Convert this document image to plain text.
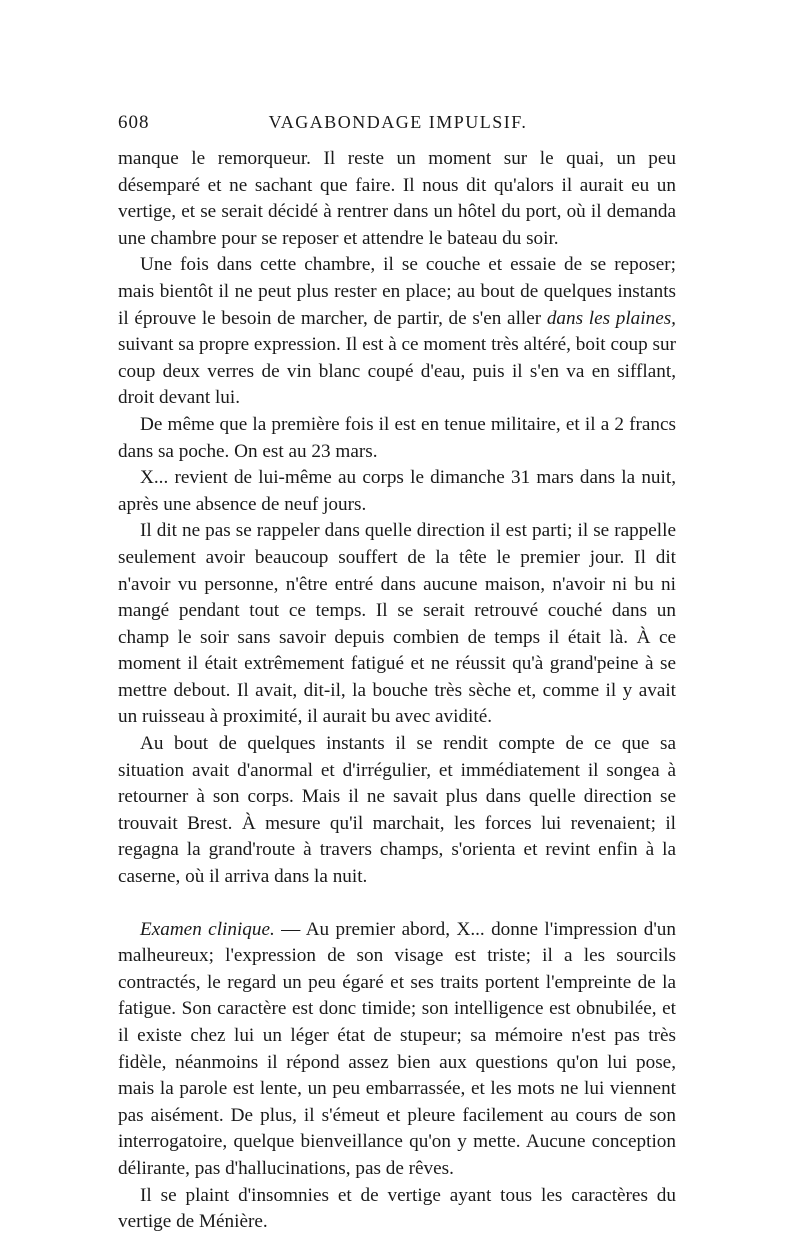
608	VAGABONDAGE IMPULSIF.

manque le remorqueur. Il reste un moment sur le quai, un peu désemparé et ne sachant que faire. Il nous dit qu'alors il aurait eu un vertige, et se serait décidé à rentrer dans un hôtel du port, où il demanda une chambre pour se reposer et attendre le bateau du soir.

Une fois dans cette chambre, il se couche et essaie de se reposer; mais bientôt il ne peut plus rester en place; au bout de quelques instants il éprouve le besoin de marcher, de partir, de s'en aller dans les plaines, suivant sa propre expression. Il est à ce moment très altéré, boit coup sur coup deux verres de vin blanc coupé d'eau, puis il s'en va en sifflant, droit devant lui.

De même que la première fois il est en tenue militaire, et il a 2 francs dans sa poche. On est au 23 mars.

X... revient de lui-même au corps le dimanche 31 mars dans la nuit, après une absence de neuf jours.

Il dit ne pas se rappeler dans quelle direction il est parti; il se rappelle seulement avoir beaucoup souffert de la tête le premier jour. Il dit n'avoir vu personne, n'être entré dans aucune maison, n'avoir ni bu ni mangé pendant tout ce temps. Il se serait retrouvé couché dans un champ le soir sans savoir depuis combien de temps il était là. À ce moment il était extrêmement fatigué et ne réussit qu'à grand'peine à se mettre debout. Il avait, dit-il, la bouche très sèche et, comme il y avait un ruisseau à proximité, il aurait bu avec avidité.

Au bout de quelques instants il se rendit compte de ce que sa situation avait d'anormal et d'irrégulier, et immédiatement il songea à retourner à son corps. Mais il ne savait plus dans quelle direction se trouvait Brest. À mesure qu'il marchait, les forces lui revenaient; il regagna la grand'route à travers champs, s'orienta et revint enfin à la caserne, où il arriva dans la nuit.

Examen clinique. — Au premier abord, X... donne l'impression d'un malheureux; l'expression de son visage est triste; il a les sourcils contractés, le regard un peu égaré et ses traits portent l'empreinte de la fatigue. Son caractère est donc timide; son intelligence est obnubilée, et il existe chez lui un léger état de stupeur; sa mémoire n'est pas très fidèle, néanmoins il répond assez bien aux questions qu'on lui pose, mais la parole est lente, un peu embarrassée, et les mots ne lui viennent pas aisément. De plus, il s'émeut et pleure facilement au cours de son interrogatoire, quelque bienveillance qu'on y mette. Aucune conception délirante, pas d'hallucinations, pas de rêves.

Il se plaint d'insomnies et de vertige ayant tous les caractères du vertige de Ménière.
